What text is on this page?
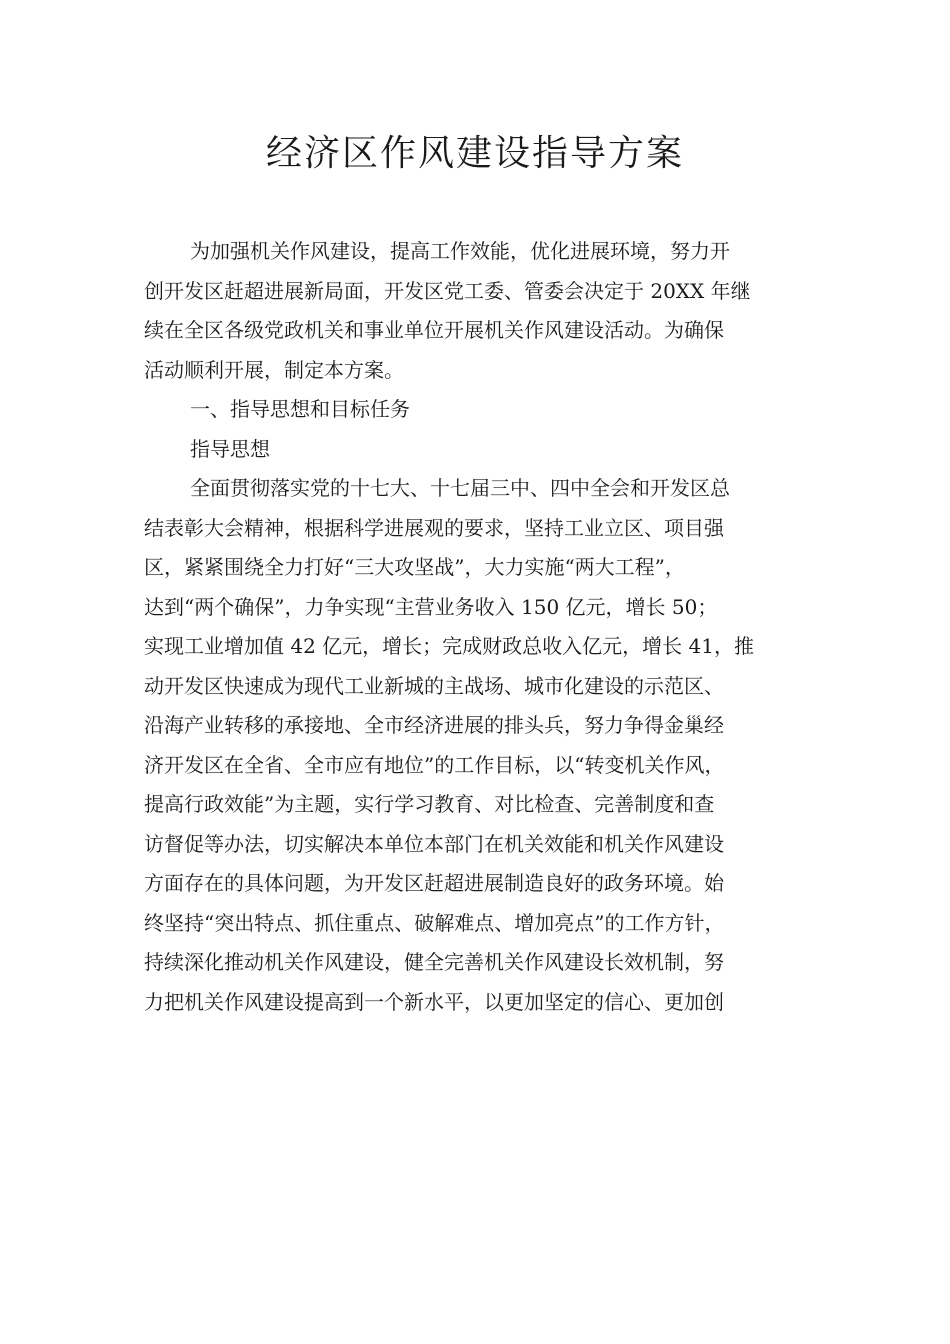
经济区作风建设指导方案
为加强机关作风建设，提高工作效能，优化进展环境，努力开
创开发区赶超进展新局面，开发区党工委、管委会决定于 20XX 年继
续在全区各级党政机关和事业单位开展机关作风建设活动。为确保
活动顺利开展，制定本方案。
一、指导思想和目标任务
指导思想
全面贯彻落实党的十七大、十七届三中、四中全会和开发区总
结表彰大会精神，根据科学进展观的要求，坚持工业立区、项目强
区，紧紧围绕全力打好“三大攻坚战”，大力实施“两大工程”，
达到“两个确保”，力争实现“主营业务收入 150 亿元，增长 50；
实现工业增加值 42 亿元，增长；完成财政总收入亿元，增长 41，推
动开发区快速成为现代工业新城的主战场、城市化建设的示范区、
沿海产业转移的承接地、全市经济进展的排头兵，努力争得金巢经
济开发区在全省、全市应有地位”的工作目标，以“转变机关作风，
提高行政效能”为主题，实行学习教育、对比检查、完善制度和查
访督促等办法，切实解决本单位本部门在机关效能和机关作风建设
方面存在的具体问题，为开发区赶超进展制造良好的政务环境。始
终坚持“突出特点、抓住重点、破解难点、增加亮点”的工作方针，
持续深化推动机关作风建设，健全完善机关作风建设长效机制，努
力把机关作风建设提高到一个新水平，以更加坚定的信心、更加创
